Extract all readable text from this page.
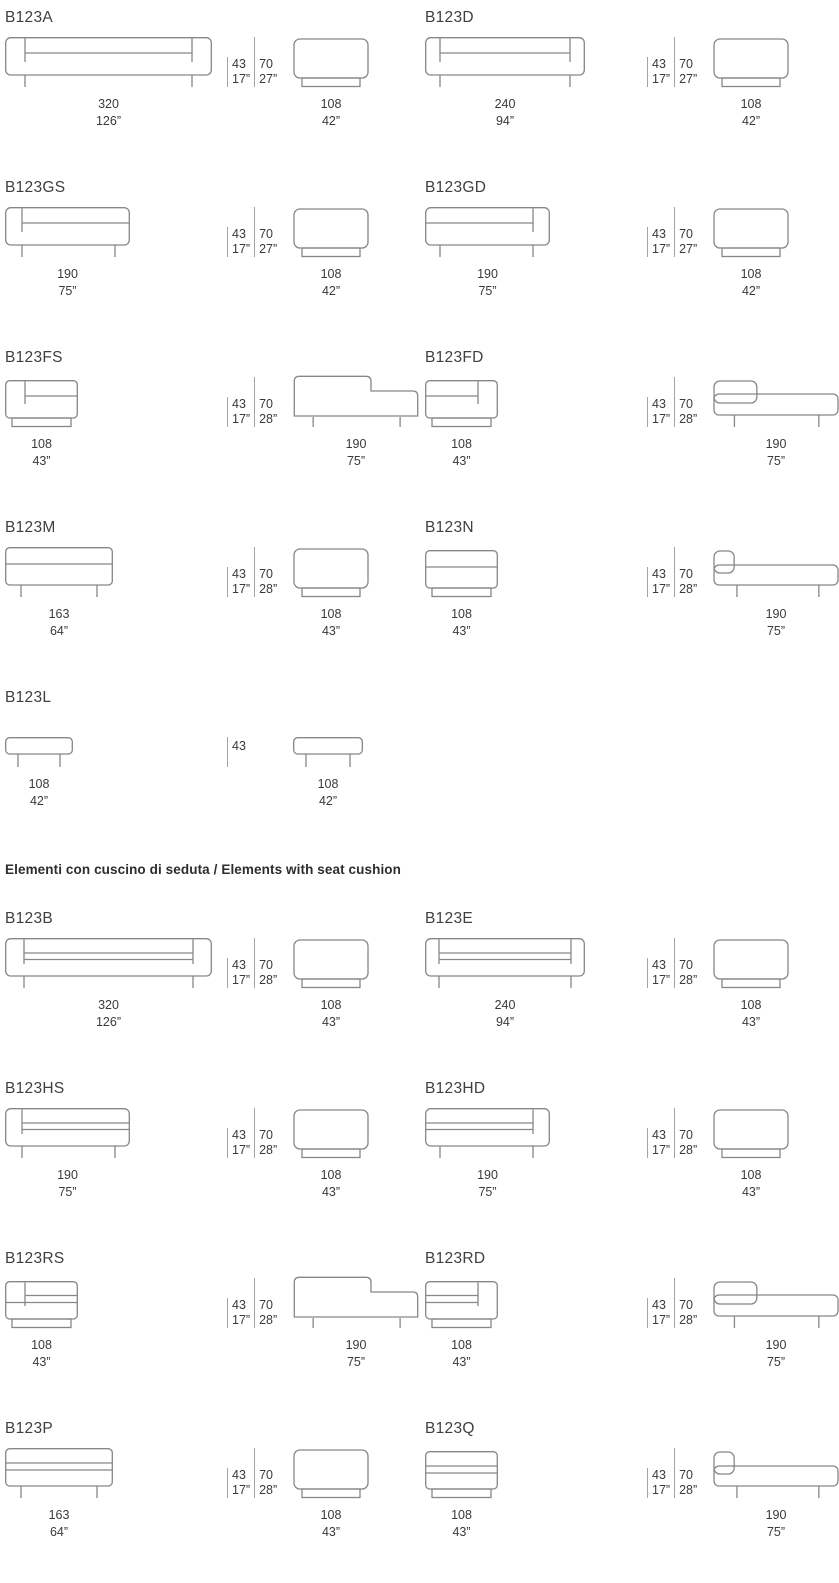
B123A
320
126”
43
17”
70
27”
108
42”
B123D
240
94”
43
17”
70
27”
108
42”
B123GS
190
75”
43
17”
70
27”
108
42”
B123GD
190
75”
43
17”
70
27”
108
42”
B123FS
108
43”
43
17”
70
28”
190
75”
B123FD
108
43”
43
17”
70
28”
190
75”
B123M
163
64”
43
17”
70
28”
108
43”
B123N
108
43”
43
17”
70
28”
190
75”
B123L
108
42”
43
108
42”
Elementi con cuscino di seduta / Elements with seat cushion
B123B
320
126”
43
17”
70
28”
108
43”
B123E
240
94”
43
17”
70
28”
108
43”
B123HS
190
75”
43
17”
70
28”
108
43”
B123HD
190
75”
43
17”
70
28”
108
43”
B123RS
108
43”
43
17”
70
28”
190
75”
B123RD
108
43”
43
17”
70
28”
190
75”
B123P
163
64”
43
17”
70
28”
108
43”
B123Q
108
43”
43
17”
70
28”
190
75”
